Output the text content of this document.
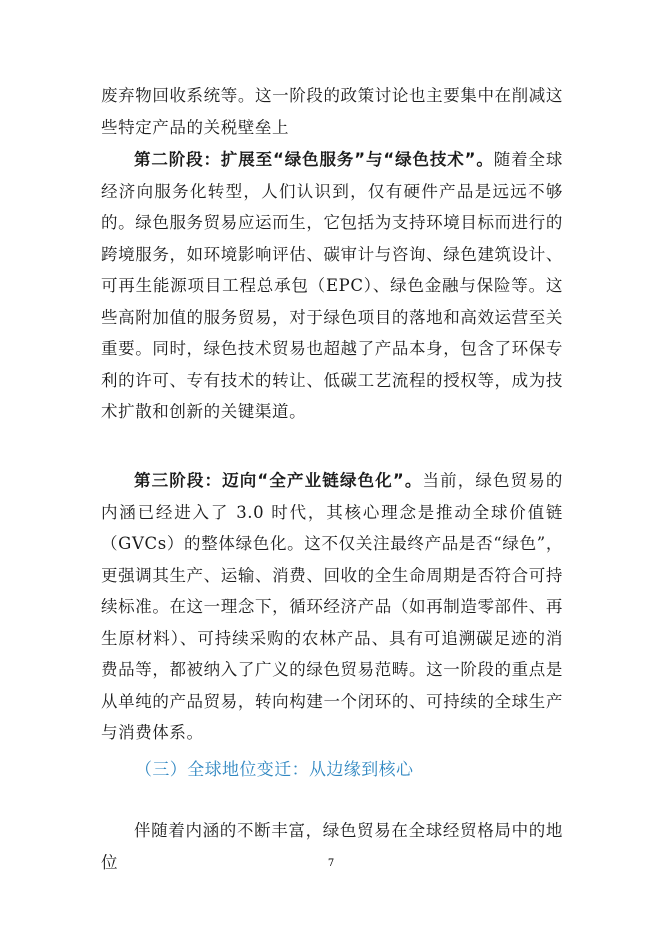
废弃物回收系统等。这一阶段的政策讨论也主要集中在削减这些特定产品的关税壁垒上

第二阶段：扩展至“绿色服务”与“绿色技术”。随着全球经济向服务化转型，人们认识到，仅有硬件产品是远远不够的。绿色服务贸易应运而生，它包括为支持环境目标而进行的跨境服务，如环境影响评估、碳审计与咨询、绿色建筑设计、可再生能源项目工程总承包（EPC）、绿色金融与保险等。这些高附加值的服务贸易，对于绿色项目的落地和高效运营至关重要。同时，绿色技术贸易也超越了产品本身，包含了环保专利的许可、专有技术的转让、低碳工艺流程的授权等，成为技术扩散和创新的关键渠道。

第三阶段：迈向“全产业链绿色化”。当前，绿色贸易的内涵已经进入了 3.0 时代，其核心理念是推动全球价值链（GVCs）的整体绿色化。这不仅关注最终产品是否“绿色”，更强调其生产、运输、消费、回收的全生命周期是否符合可持续标准。在这一理念下，循环经济产品（如再制造零部件、再生原材料）、可持续采购的农林产品、具有可追溯碳足迹的消费品等，都被纳入了广义的绿色贸易范畴。这一阶段的重点是从单纯的产品贸易，转向构建一个闭环的、可持续的全球生产与消费体系。

（三）全球地位变迁：从边缘到核心

伴随着内涵的不断丰富，绿色贸易在全球经贸格局中的地位	7
